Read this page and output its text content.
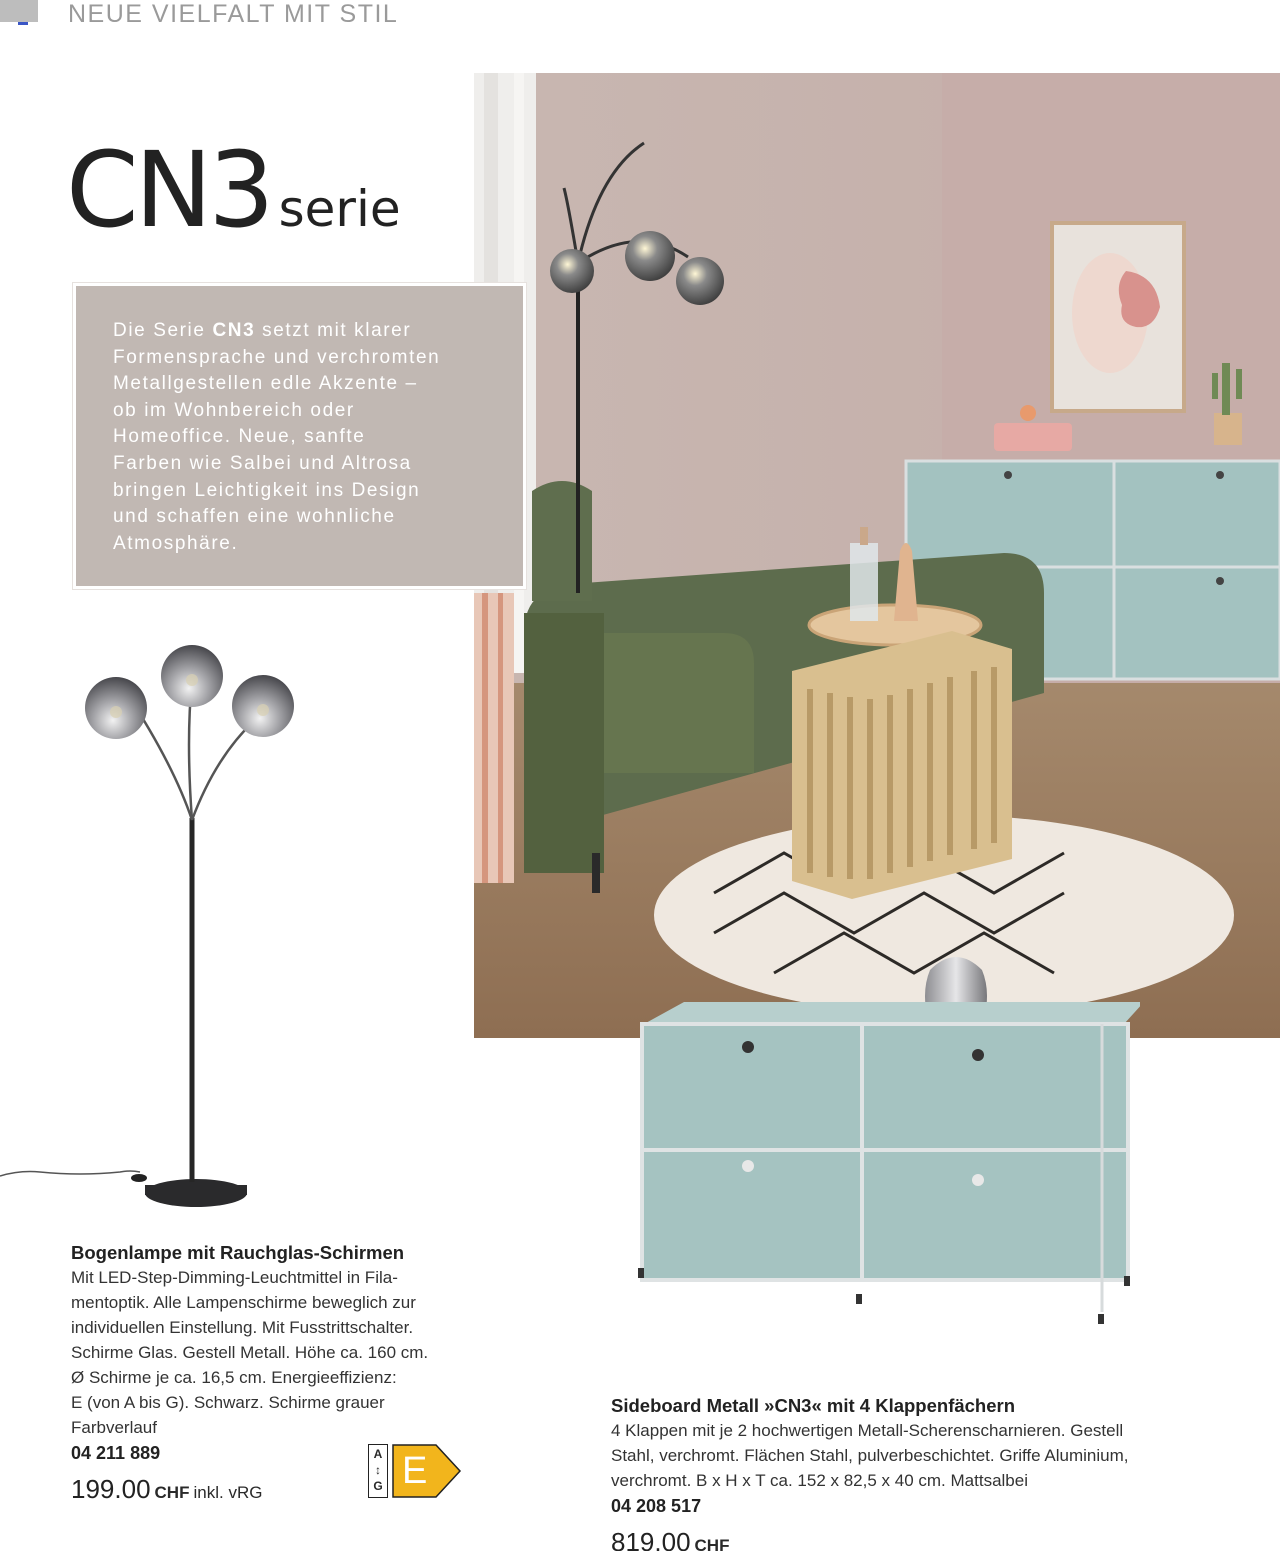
NEUE VIELFALT MIT STIL
CN3 serie

Die Serie CN3 setzt mit klarer
Formensprache und verchromten
Metallgestellen edle Akzente –
ob im Wohnbereich oder
Homeoffice. Neue, sanfte
Farben wie Salbei und Altrosa
bringen Leichtigkeit ins Design
und schaffen eine wohnliche
Atmosphäre.

Bogenlampe mit Rauchglas-Schirmen
Mit LED-Step-Dimming-Leuchtmittel in Fila-
mentoptik. Alle Lampenschirme beweglich zur
individuellen Einstellung. Mit Fusstrittschalter.
Schirme Glas. Gestell Metall. Höhe ca. 160 cm.
Ø Schirme je ca. 16,5 cm. Energieeffizienz:
E (von A bis G). Schwarz. Schirme grauer
Farbverlauf
04 211 889
199.00 CHF inkl. vRG
A
↕
G E
Sideboard Metall »CN3« mit 4 Klappenfächern
4 Klappen mit je 2 hochwertigen Metall-Scherenscharnieren. Gestell
Stahl, verchromt. Flächen Stahl, pulverbeschichtet. Griffe Aluminium,
verchromt. B x H x T ca. 152 x 82,5 x 40 cm. Mattsalbei
04 208 517
819.00 CHF
